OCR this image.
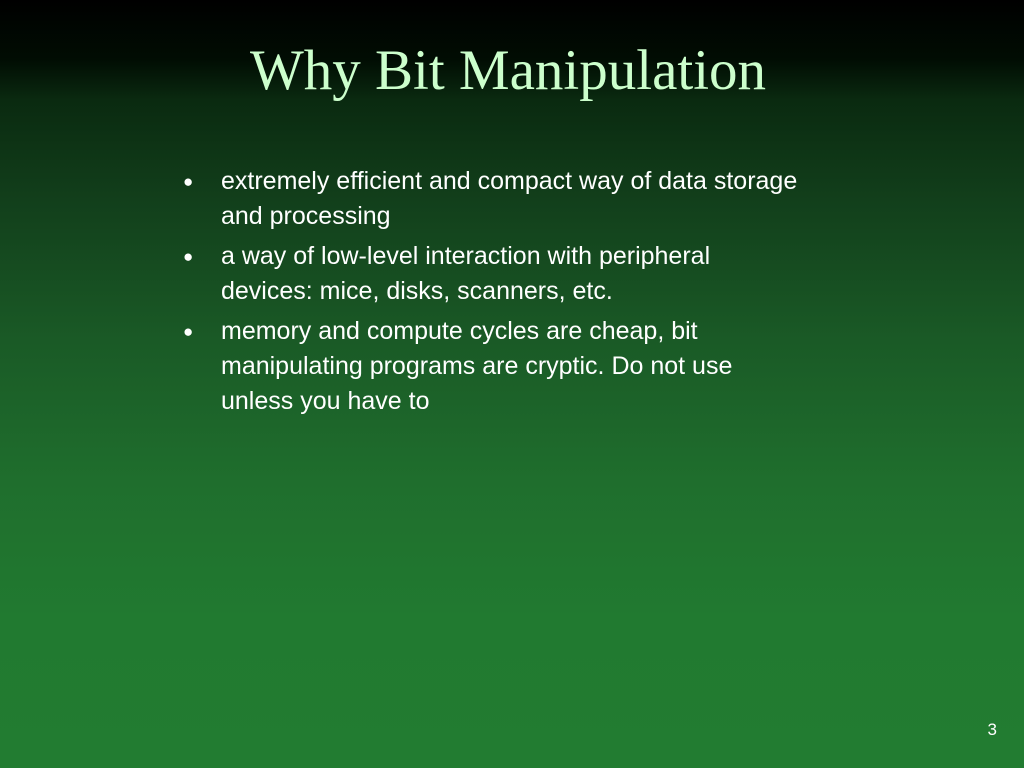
Why Bit Manipulation
● extremely efficient and compact way of data storage
and processing
● a way of low-level interaction with peripheral
devices: mice, disks, scanners, etc.
● memory and compute cycles are cheap, bit
manipulating programs are cryptic. Do not use
unless you have to
3
